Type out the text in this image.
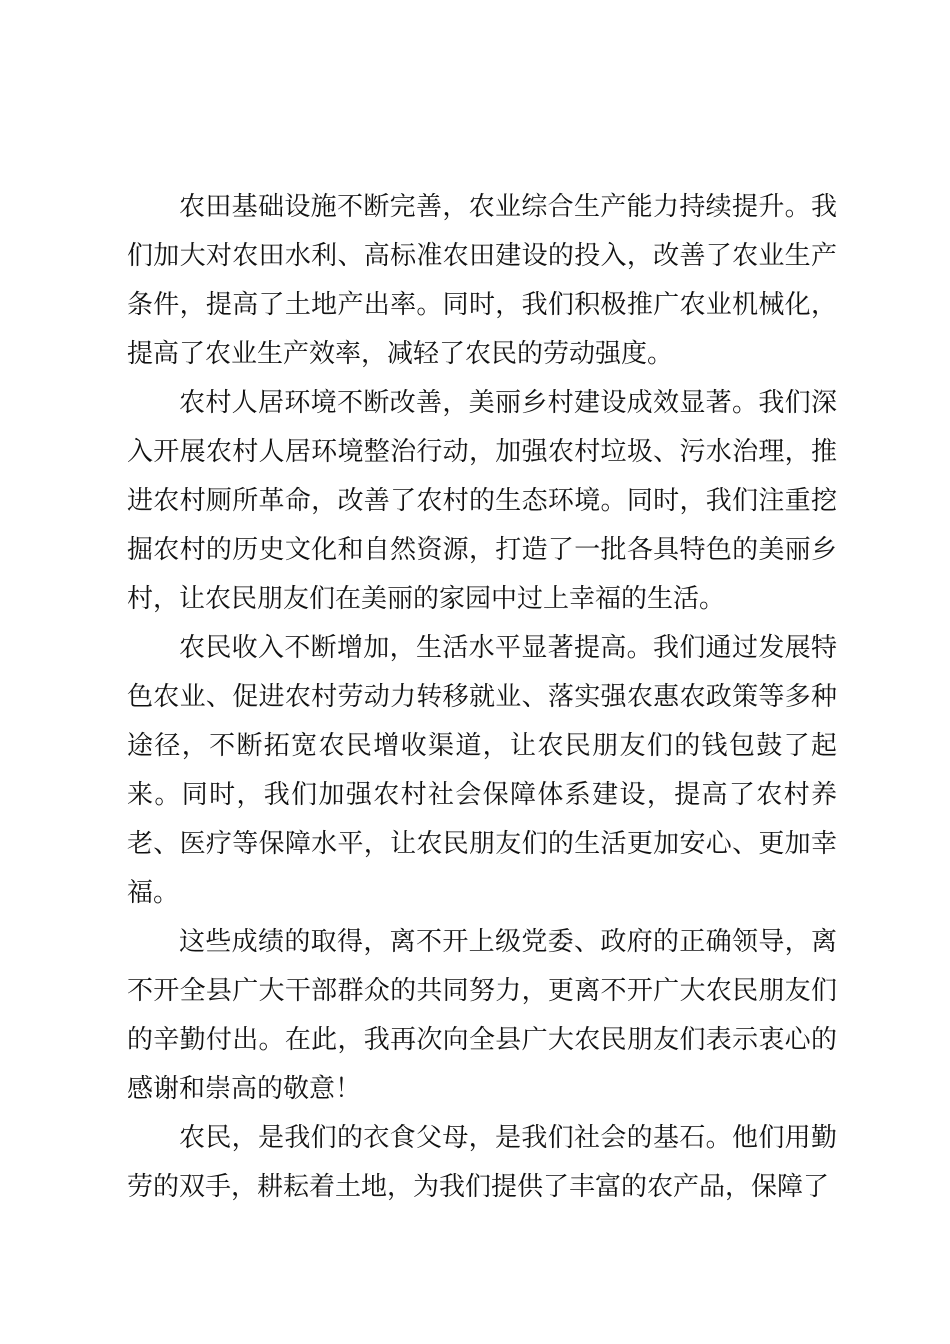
农田基础设施不断完善，农业综合生产能力持续提升。我们加大对农田水利、高标准农田建设的投入，改善了农业生产条件，提高了土地产出率。同时，我们积极推广农业机械化，提高了农业生产效率，减轻了农民的劳动强度。

农村人居环境不断改善，美丽乡村建设成效显著。我们深入开展农村人居环境整治行动，加强农村垃圾、污水治理，推进农村厕所革命，改善了农村的生态环境。同时，我们注重挖掘农村的历史文化和自然资源，打造了一批各具特色的美丽乡村，让农民朋友们在美丽的家园中过上幸福的生活。

农民收入不断增加，生活水平显著提高。我们通过发展特色农业、促进农村劳动力转移就业、落实强农惠农政策等多种途径，不断拓宽农民增收渠道，让农民朋友们的钱包鼓了起来。同时，我们加强农村社会保障体系建设，提高了农村养老、医疗等保障水平，让农民朋友们的生活更加安心、更加幸福。

这些成绩的取得，离不开上级党委、政府的正确领导，离不开全县广大干部群众的共同努力，更离不开广大农民朋友们的辛勤付出。在此，我再次向全县广大农民朋友们表示衷心的感谢和崇高的敬意！

农民，是我们的衣食父母，是我们社会的基石。他们用勤劳的双手，耕耘着土地，为我们提供了丰富的农产品，保障了
